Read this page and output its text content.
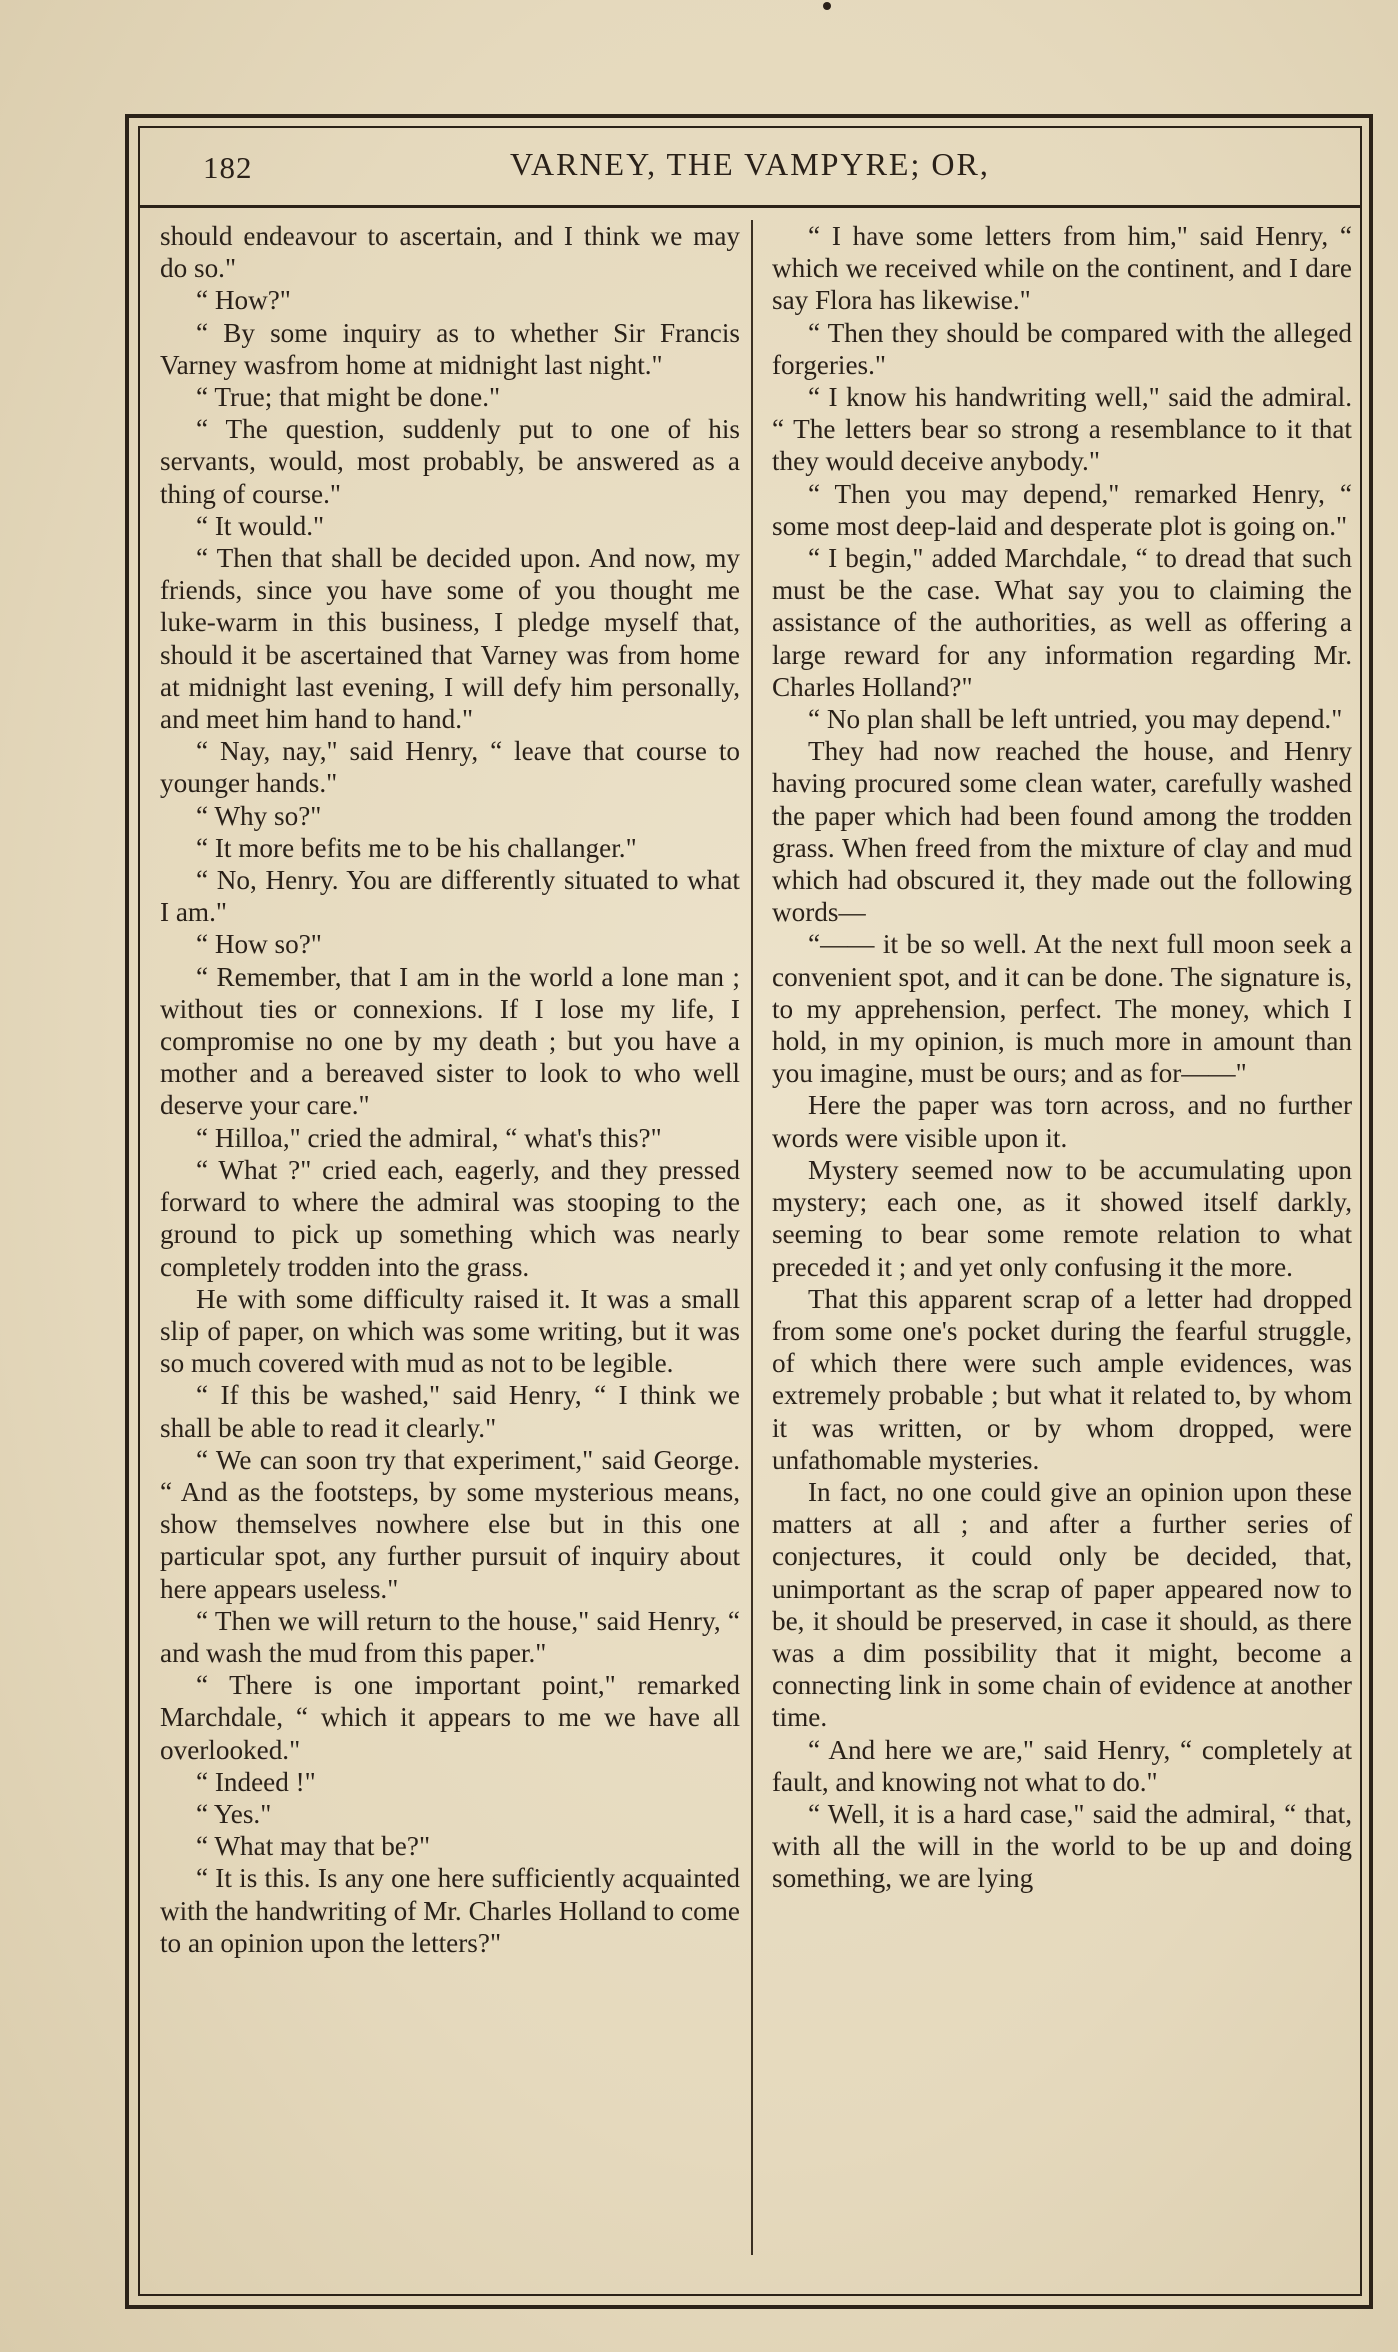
182	VARNEY, THE VAMPYRE; OR,

should endeavour to ascertain, and I think we may do so."

“ How?"

“ By some inquiry as to whether Sir Francis Varney wasfrom home at midnight last night."

“ True; that might be done."

“ The question, suddenly put to one of his servants, would, most probably, be answered as a thing of course."

“ It would."

“ Then that shall be decided upon. And now, my friends, since you have some of you thought me luke-warm in this business, I pledge myself that, should it be ascertained that Varney was from home at midnight last evening, I will defy him personally, and meet him hand to hand."

“ Nay, nay," said Henry, “ leave that course to younger hands."

“ Why so?"

“ It more befits me to be his challanger."

“ No, Henry. You are differently situated to what I am."

“ How so?"

“ Remember, that I am in the world a lone man ; without ties or connexions. If I lose my life, I compromise no one by my death ; but you have a mother and a bereaved sister to look to who well deserve your care."

“ Hilloa," cried the admiral, “ what's this?"

“ What ?" cried each, eagerly, and they pressed forward to where the admiral was stooping to the ground to pick up something which was nearly completely trodden into the grass.

He with some difficulty raised it. It was a small slip of paper, on which was some writing, but it was so much covered with mud as not to be legible.

“ If this be washed," said Henry, “ I think we shall be able to read it clearly."

“ We can soon try that experiment," said George. “ And as the footsteps, by some mysterious means, show themselves nowhere else but in this one particular spot, any further pursuit of inquiry about here appears useless."

“ Then we will return to the house," said Henry, “ and wash the mud from this paper."

“ There is one important point," remarked Marchdale, “ which it appears to me we have all overlooked."

“ Indeed !"

“ Yes."

“ What may that be?"

“ It is this. Is any one here sufficiently acquainted with the handwriting of Mr. Charles Holland to come to an opinion upon the letters?"

“ I have some letters from him," said Henry, “ which we received while on the continent, and I dare say Flora has likewise."

“ Then they should be compared with the alleged forgeries."

“ I know his handwriting well," said the admiral. “ The letters bear so strong a resemblance to it that they would deceive anybody."

“ Then you may depend," remarked Henry, “ some most deep-laid and desperate plot is going on."

“ I begin," added Marchdale, “ to dread that such must be the case. What say you to claiming the assistance of the authorities, as well as offering a large reward for any information regarding Mr. Charles Holland?"

“ No plan shall be left untried, you may depend."

They had now reached the house, and Henry having procured some clean water, carefully washed the paper which had been found among the trodden grass. When freed from the mixture of clay and mud which had obscured it, they made out the following words—

“—— it be so well. At the next full moon seek a convenient spot, and it can be done. The signature is, to my apprehension, perfect. The money, which I hold, in my opinion, is much more in amount than you imagine, must be ours; and as for——"

Here the paper was torn across, and no further words were visible upon it.

Mystery seemed now to be accumulating upon mystery; each one, as it showed itself darkly, seeming to bear some remote relation to what preceded it ; and yet only confusing it the more.

That this apparent scrap of a letter had dropped from some one's pocket during the fearful struggle, of which there were such ample evidences, was extremely probable ; but what it related to, by whom it was written, or by whom dropped, were unfathomable mysteries.

In fact, no one could give an opinion upon these matters at all ; and after a further series of conjectures, it could only be decided, that, unimportant as the scrap of paper appeared now to be, it should be preserved, in case it should, as there was a dim possibility that it might, become a connecting link in some chain of evidence at another time.

“ And here we are," said Henry, “ completely at fault, and knowing not what to do."

“ Well, it is a hard case," said the admiral, “ that, with all the will in the world to be up and doing something, we are lying
